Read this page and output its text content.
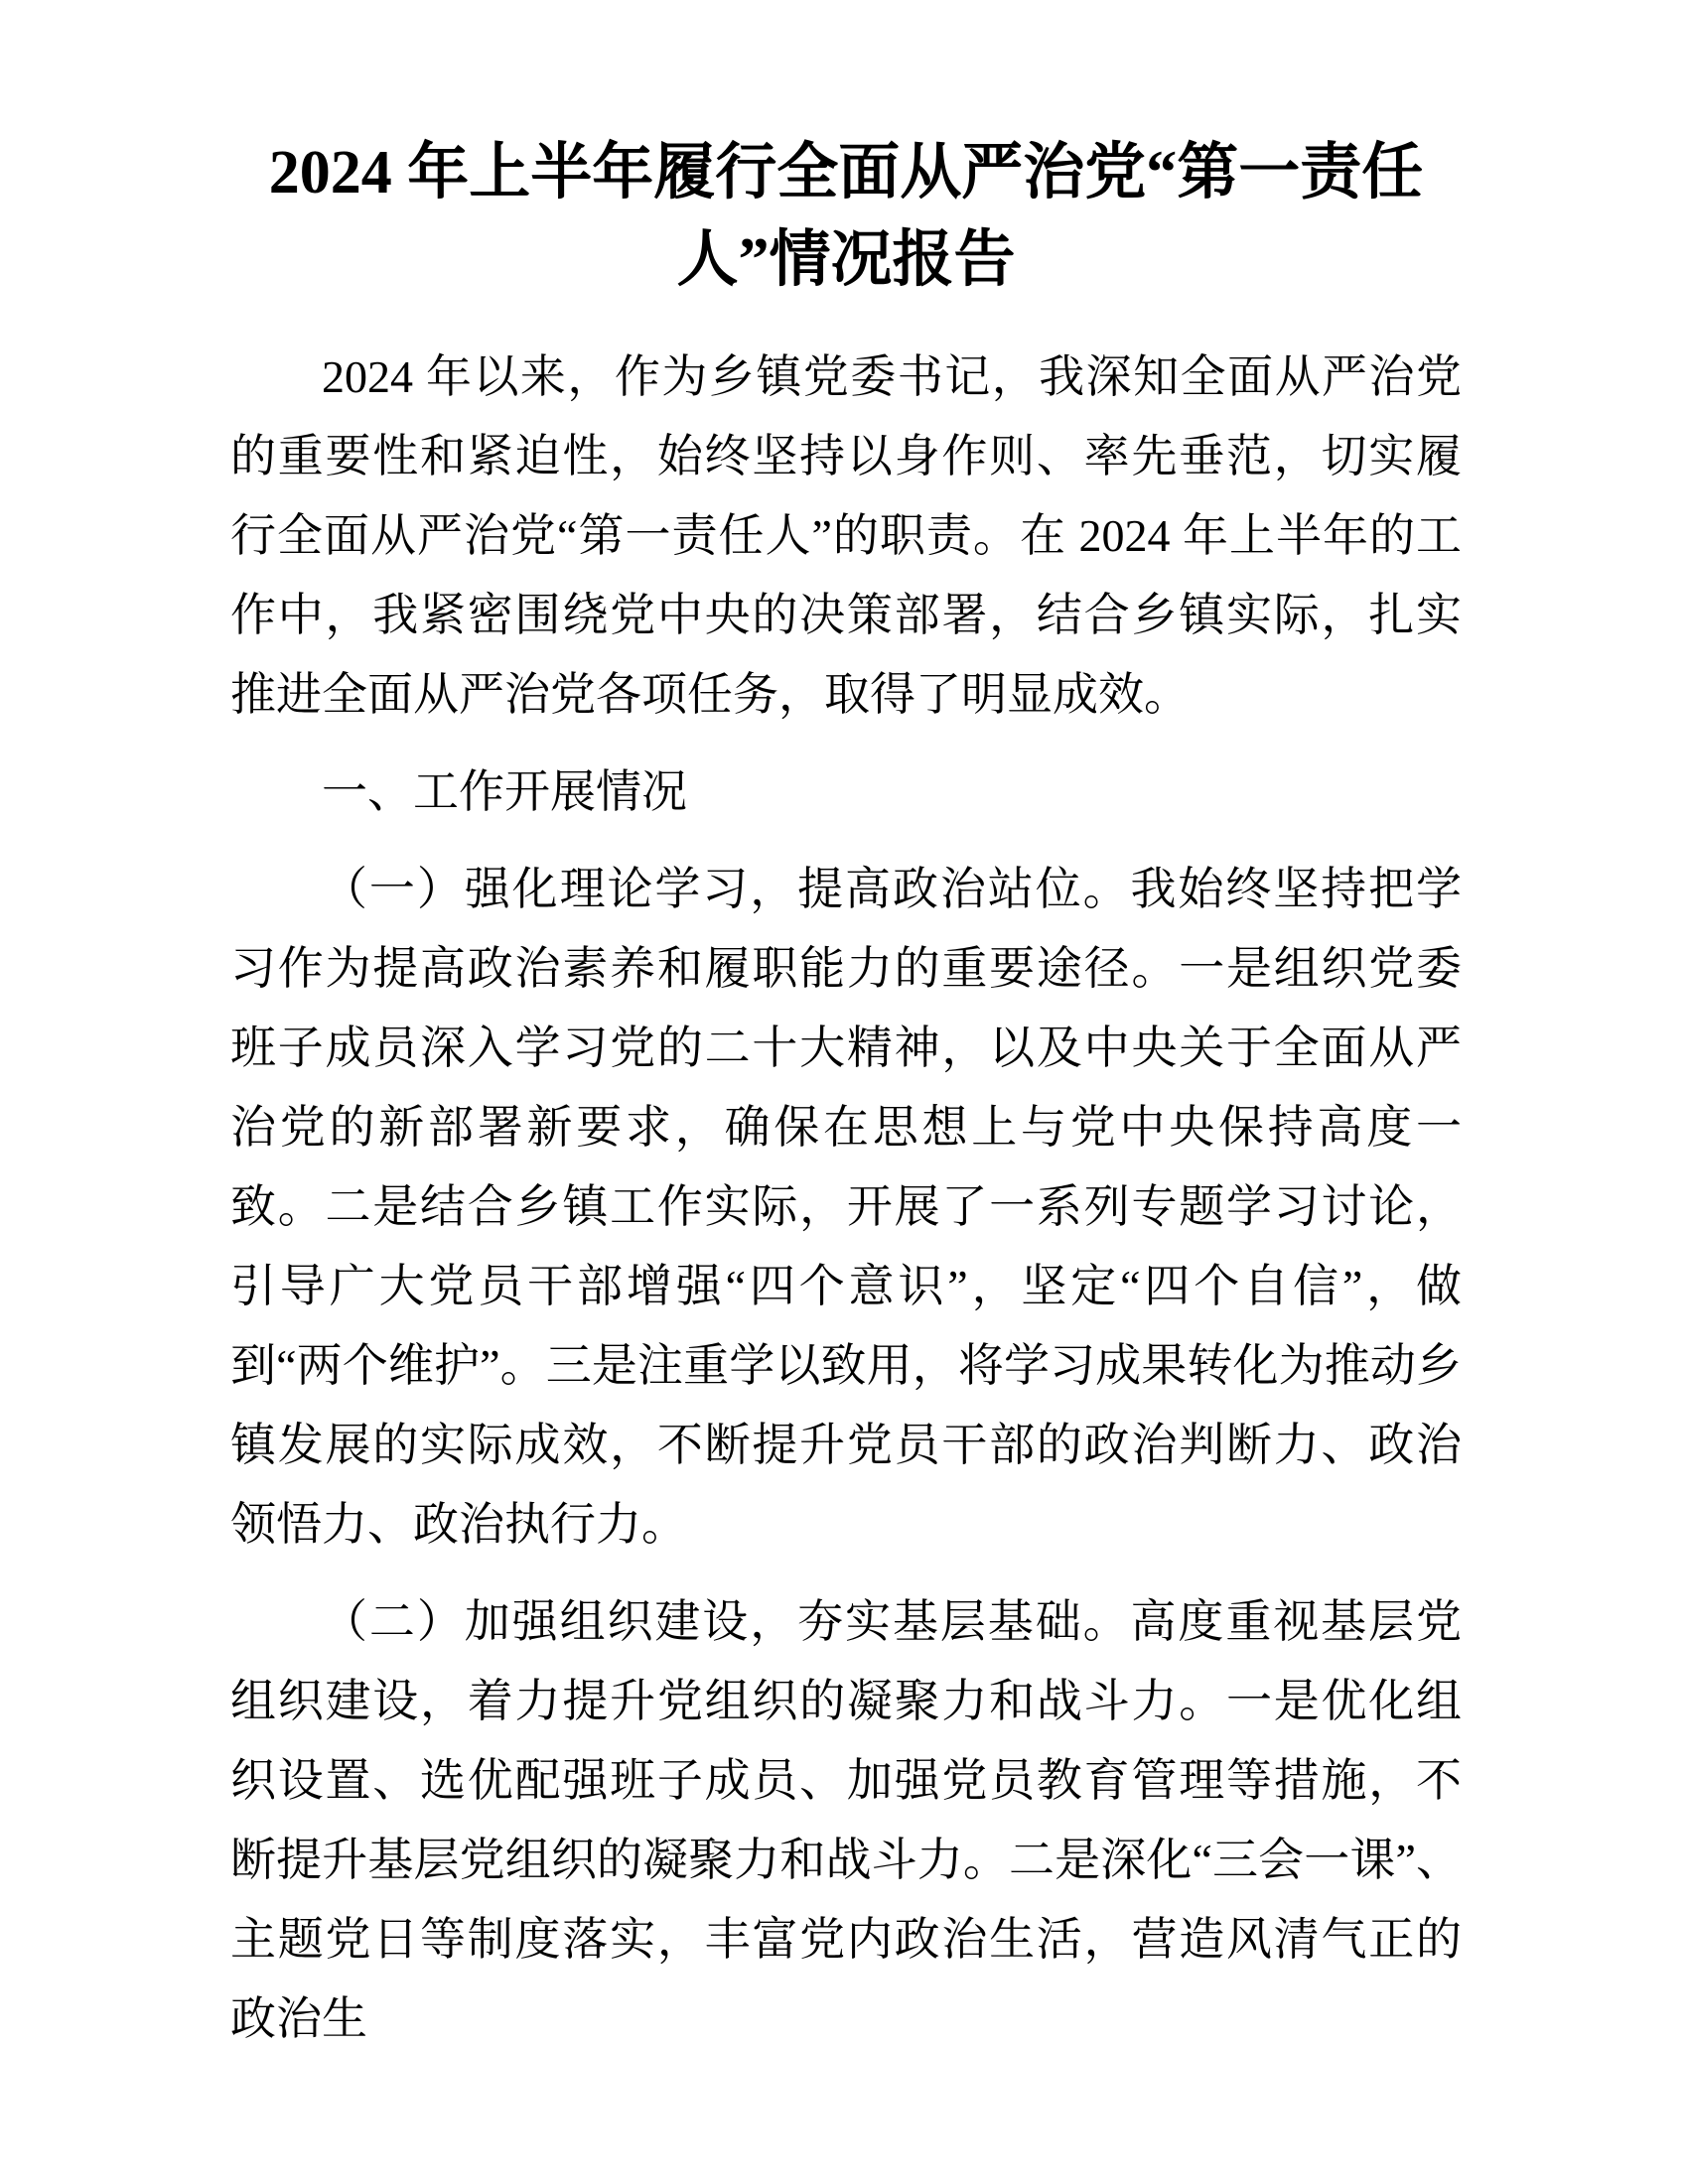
2024 年上半年履行全面从严治党“第一责任
人”情况报告

2024 年以来，作为乡镇党委书记，我深知全面从严治党的重要性和紧迫性，始终坚持以身作则、率先垂范，切实履行全面从严治党“第一责任人”的职责。在 2024 年上半年的工作中，我紧密围绕党中央的决策部署，结合乡镇实际，扎实推进全面从严治党各项任务，取得了明显成效。

一、工作开展情况

（一）强化理论学习，提高政治站位。我始终坚持把学习作为提高政治素养和履职能力的重要途径。一是组织党委班子成员深入学习党的二十大精神，以及中央关于全面从严治党的新部署新要求，确保在思想上与党中央保持高度一致。二是结合乡镇工作实际，开展了一系列专题学习讨论，引导广大党员干部增强“四个意识”，坚定“四个自信”，做到“两个维护”。三是注重学以致用，将学习成果转化为推动乡镇发展的实际成效，不断提升党员干部的政治判断力、政治领悟力、政治执行力。

（二）加强组织建设，夯实基层基础。高度重视基层党组织建设，着力提升党组织的凝聚力和战斗力。一是优化组织设置、选优配强班子成员、加强党员教育管理等措施，不断提升基层党组织的凝聚力和战斗力。二是深化“三会一课”、主题党日等制度落实，丰富党内政治生活，营造风清气正的政治生
